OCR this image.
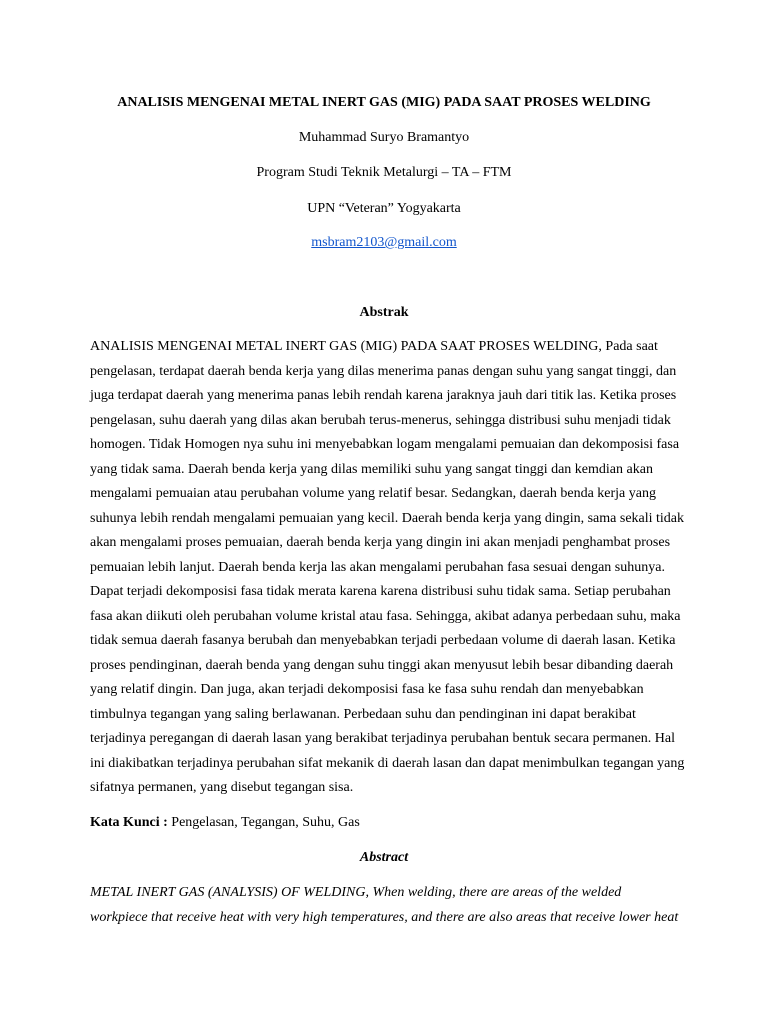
ANALISIS MENGENAI METAL INERT GAS (MIG) PADA SAAT PROSES WELDING
Muhammad Suryo Bramantyo
Program Studi Teknik Metalurgi – TA – FTM
UPN “Veteran” Yogyakarta
msbram2103@gmail.com
Abstrak
ANALISIS MENGENAI METAL INERT GAS (MIG) PADA SAAT PROSES WELDING, Pada saat
pengelasan, terdapat daerah benda kerja yang dilas menerima panas dengan suhu yang sangat tinggi, dan
juga terdapat daerah yang menerima panas lebih rendah karena jaraknya jauh dari titik las. Ketika proses
pengelasan, suhu daerah yang dilas akan berubah terus-menerus, sehingga distribusi suhu menjadi tidak
homogen. Tidak Homogen nya suhu ini menyebabkan logam mengalami pemuaian dan dekomposisi fasa
yang tidak sama. Daerah benda kerja yang dilas memiliki suhu yang sangat tinggi dan kemdian akan
mengalami pemuaian atau perubahan volume yang relatif besar. Sedangkan, daerah benda kerja yang
suhunya lebih rendah mengalami pemuaian yang kecil. Daerah benda kerja yang dingin, sama sekali tidak
akan mengalami proses pemuaian, daerah benda kerja yang dingin ini akan menjadi penghambat proses
pemuaian lebih lanjut. Daerah benda kerja las akan mengalami perubahan fasa sesuai dengan suhunya.
Dapat terjadi dekomposisi fasa tidak merata karena karena distribusi suhu tidak sama. Setiap perubahan
fasa akan diikuti oleh perubahan volume kristal atau fasa. Sehingga, akibat adanya perbedaan suhu, maka
tidak semua daerah fasanya berubah dan menyebabkan terjadi perbedaan volume di daerah lasan. Ketika
proses pendinginan, daerah benda yang dengan suhu tinggi akan menyusut lebih besar dibanding daerah
yang relatif dingin. Dan juga, akan terjadi dekomposisi fasa ke fasa suhu rendah dan menyebabkan
timbulnya tegangan yang saling berlawanan. Perbedaan suhu dan pendinginan ini dapat berakibat
terjadinya peregangan di daerah lasan yang berakibat terjadinya perubahan bentuk secara permanen. Hal
ini diakibatkan terjadinya perubahan sifat mekanik di daerah lasan dan dapat menimbulkan tegangan yang
sifatnya permanen, yang disebut tegangan sisa.
Kata Kunci : Pengelasan, Tegangan, Suhu, Gas
Abstract
METAL INERT GAS (ANALYSIS) OF WELDING, When welding, there are areas of the welded
workpiece that receive heat with very high temperatures, and there are also areas that receive lower heat
